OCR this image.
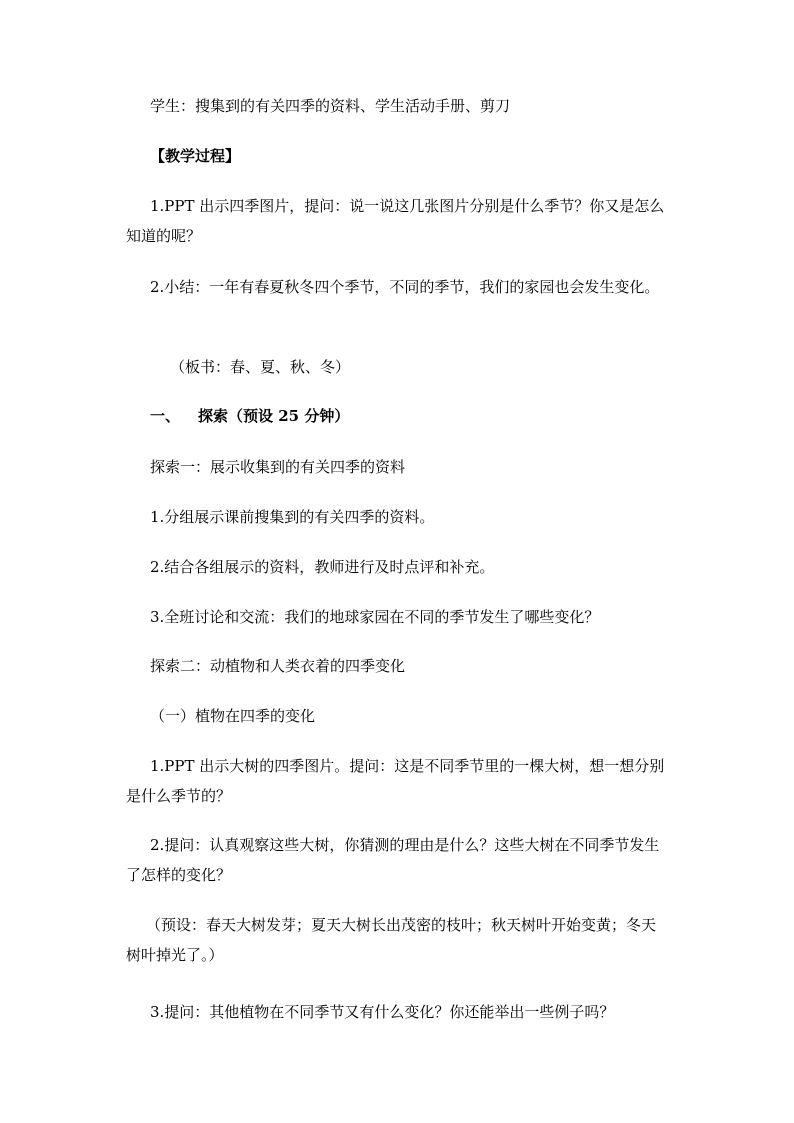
学生：搜集到的有关四季的资料、学生活动手册、剪刀
【教学过程】
1.PPT 出示四季图片，提问：说一说这几张图片分别是什么季节？你又是怎么知道的呢？
2.小结：一年有春夏秋冬四个季节，不同的季节，我们的家园也会发生变化。
（板书：春、夏、秋、冬）
一、 探索（预设 25 分钟）
探索一：展示收集到的有关四季的资料
1.分组展示课前搜集到的有关四季的资料。
2.结合各组展示的资料，教师进行及时点评和补充。
3.全班讨论和交流：我们的地球家园在不同的季节发生了哪些变化？
探索二：动植物和人类衣着的四季变化
（一）植物在四季的变化
1.PPT 出示大树的四季图片。提问：这是不同季节里的一棵大树，想一想分别是什么季节的？
2.提问：认真观察这些大树，你猜测的理由是什么？这些大树在不同季节发生了怎样的变化？
（预设：春天大树发芽；夏天大树长出茂密的枝叶；秋天树叶开始变黄；冬天树叶掉光了。）
3.提问：其他植物在不同季节又有什么变化？你还能举出一些例子吗？
